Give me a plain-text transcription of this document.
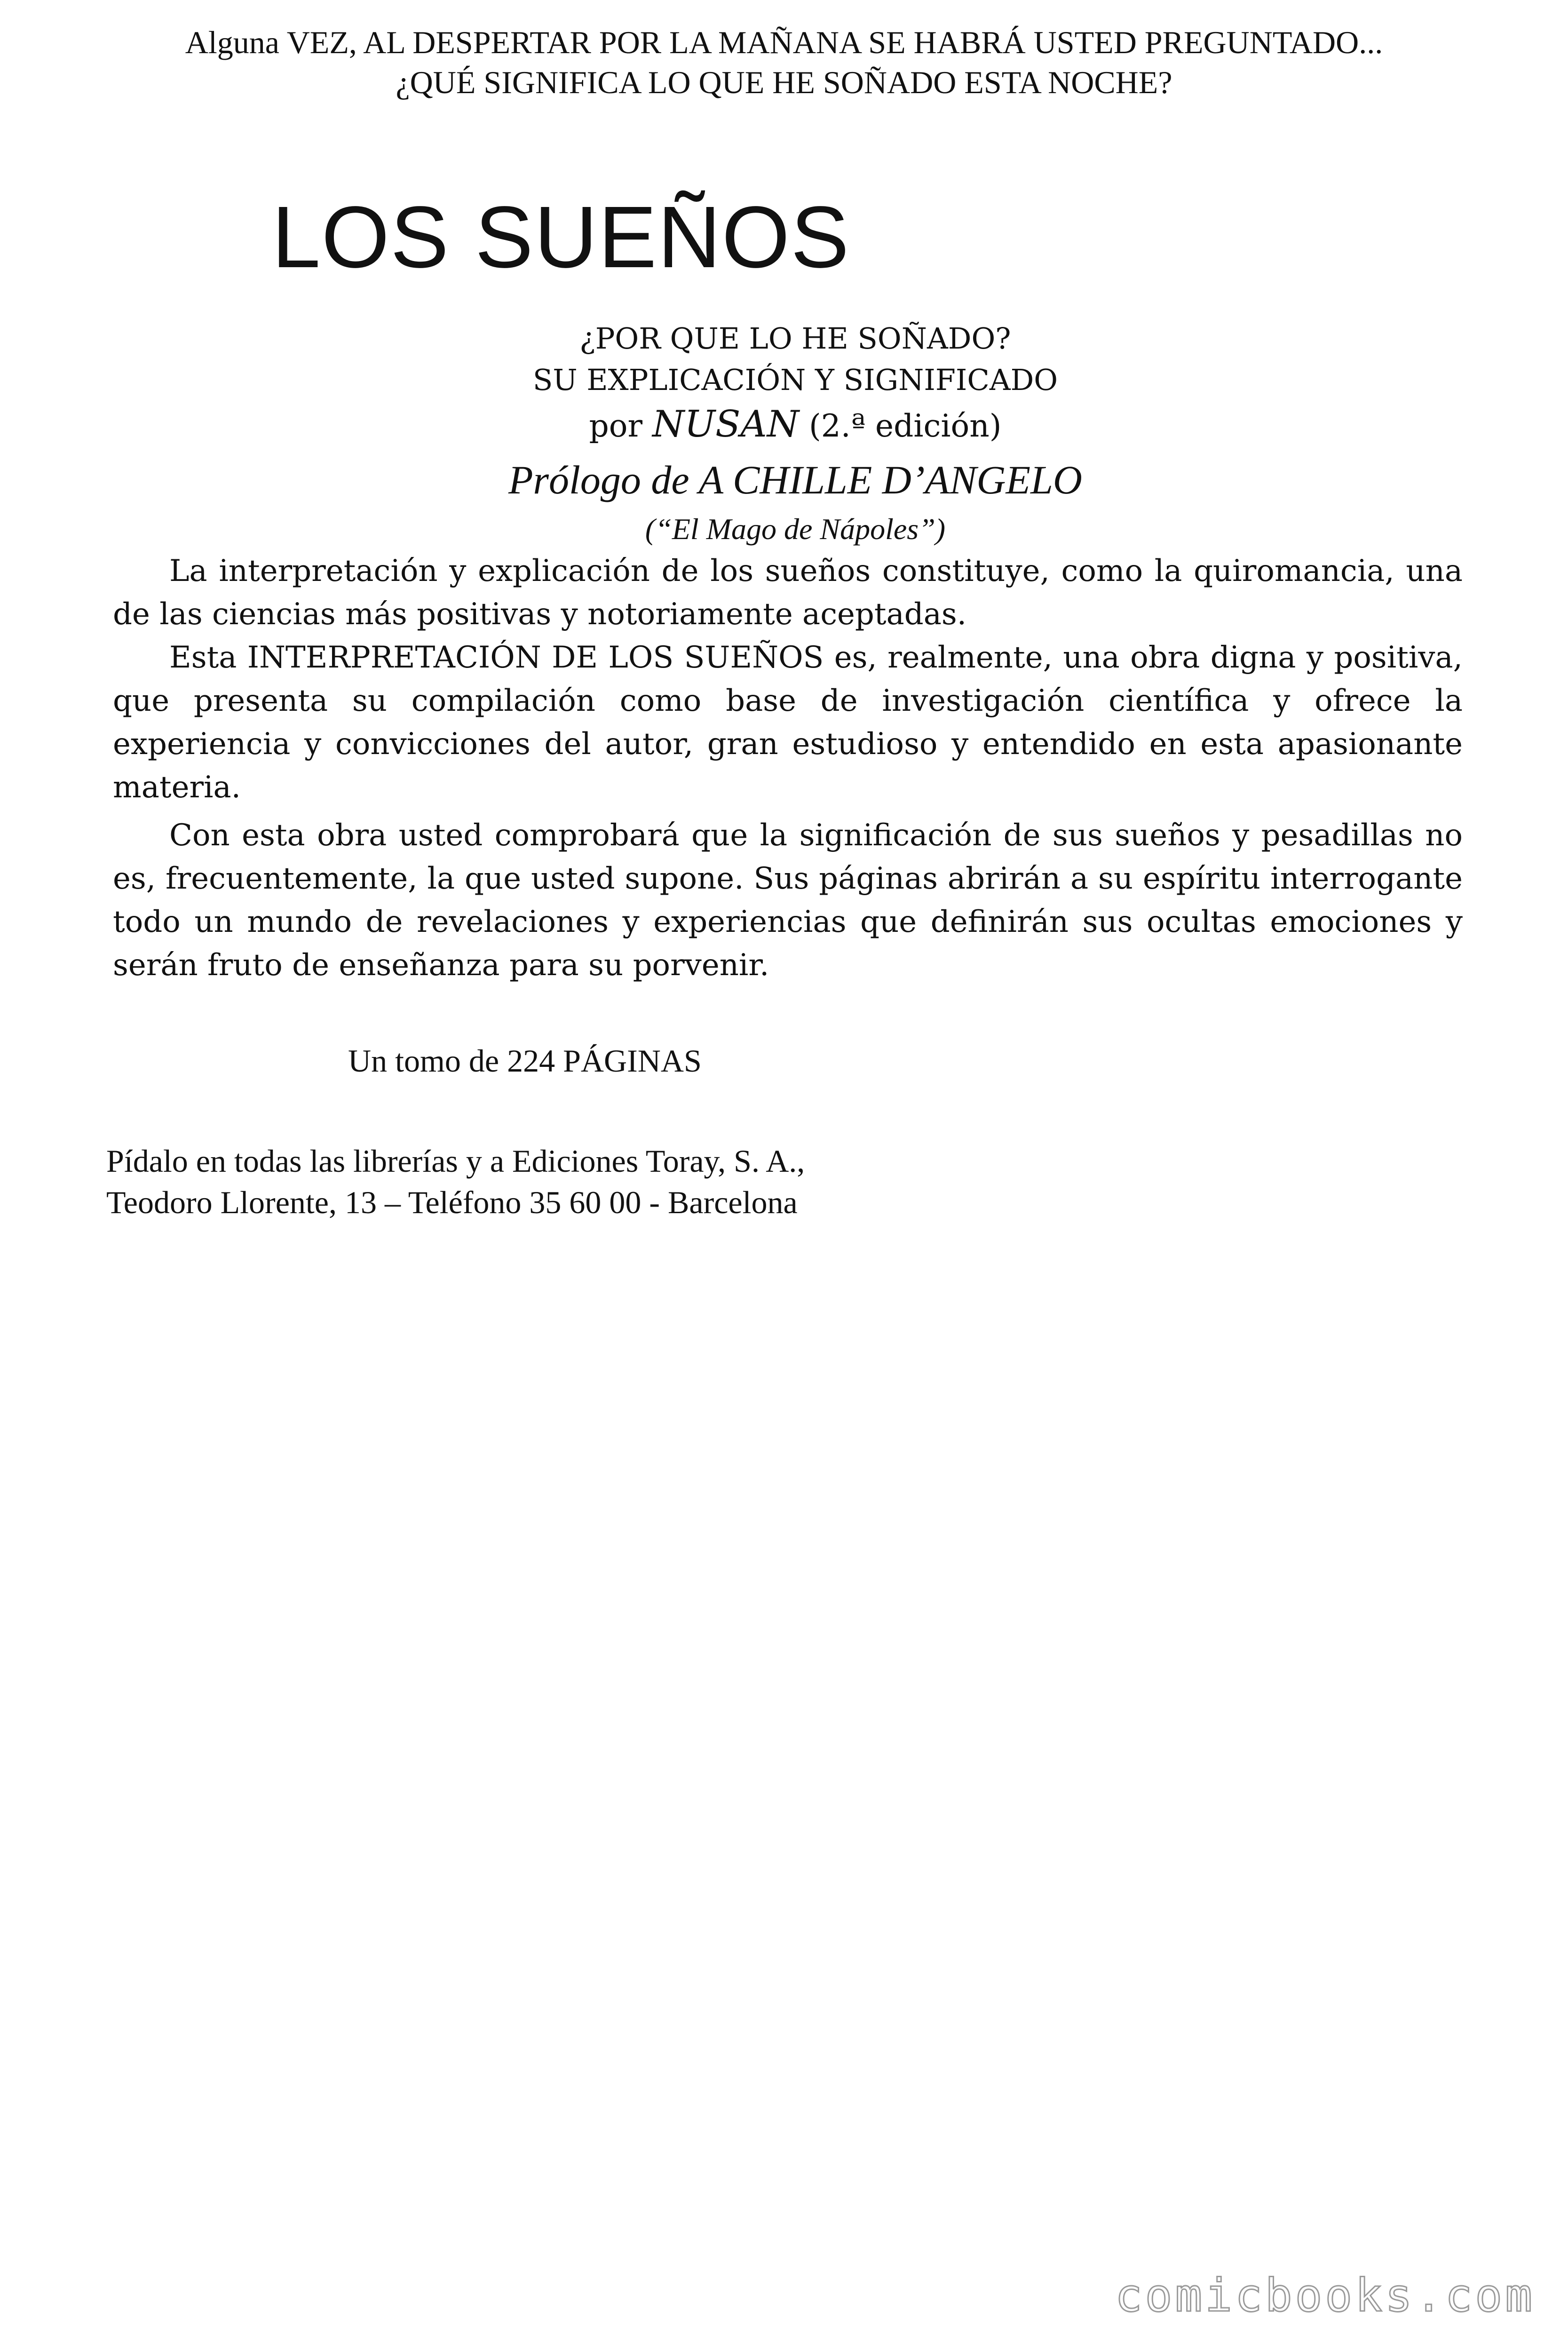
Alguna VEZ, AL DESPERTAR POR LA MAÑANA SE HABRÁ USTED PREGUNTADO...
¿QUÉ SIGNIFICA LO QUE HE SOÑADO ESTA NOCHE?
LOS SUEÑOS
¿POR QUE LO HE SOÑADO?
SU EXPLICACIÓN Y SIGNIFICADO
por NUSAN (2.ª edición)
Prólogo de A CHILLE D’ANGELO
(“El Mago de Nápoles”)

La interpretación y explicación de los sueños constituye, como la quiromancia, una de las ciencias más positivas y notoriamente aceptadas.

Esta INTERPRETACIÓN DE LOS SUEÑOS es, realmente, una obra digna y positiva, que presenta su compilación como base de investigación científica y ofrece la experiencia y convicciones del autor, gran estudioso y entendido en esta apasionante materia.

Con esta obra usted comprobará que la significación de sus sueños y pesadillas no es, frecuentemente, la que usted supone. Sus páginas abrirán a su espíritu interrogante todo un mundo de revelaciones y experiencias que definirán sus ocultas emociones y serán fruto de enseñanza para su porvenir.

Un tomo de 224 PÁGINAS
Pídalo en todas las librerías y a Ediciones Toray, S. A.,
Teodoro Llorente, 13 – Teléfono 35 60 00 - Barcelona
comicbooks.com
